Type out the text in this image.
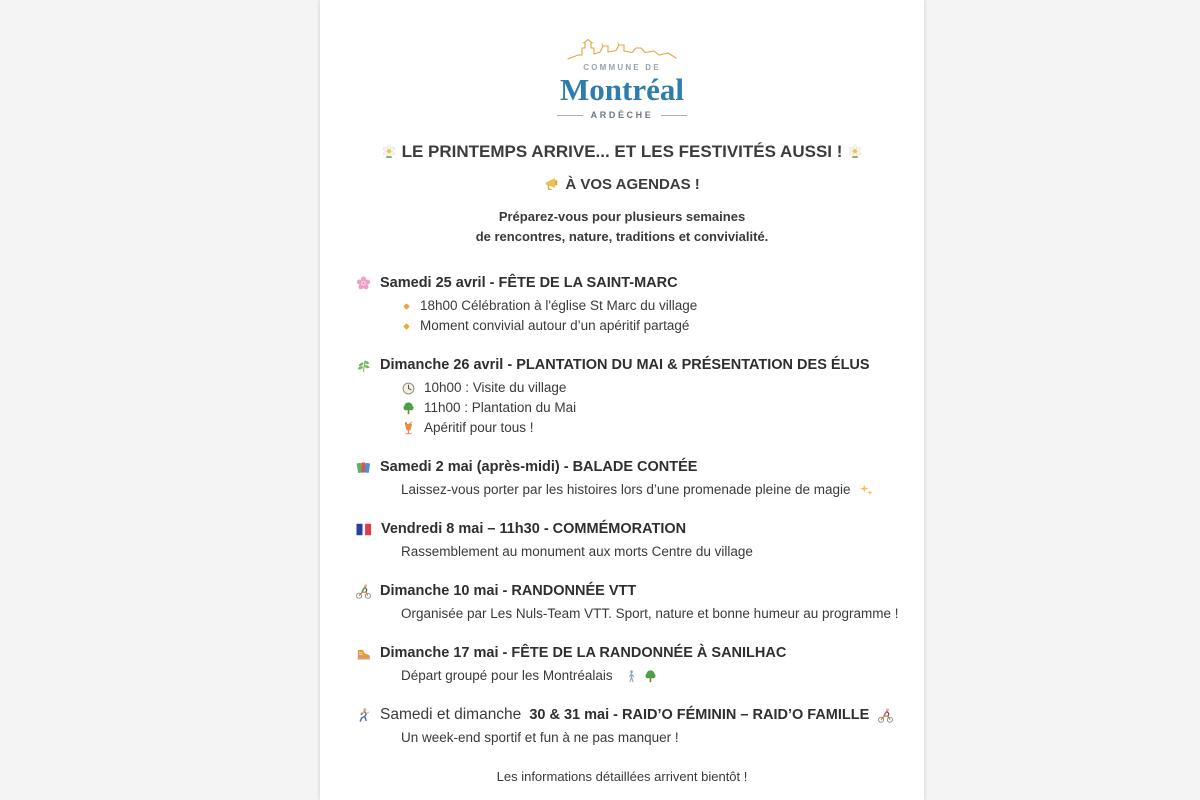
COMMUNE DE
Montréal
ARDÈCHE
LE PRINTEMPS ARRIVE... ET LES FESTIVITÉS AUSSI !
À VOS AGENDAS !
Préparez-vous pour plusieurs semaines
de rencontres, nature, traditions et convivialité.
Samedi 25 avril - FÊTE DE LA SAINT-MARC
18h00 Célébration à l'église St Marc du village
Moment convivial autour d’un apéritif partagé
Dimanche 26 avril - PLANTATION DU MAI & PRÉSENTATION DES ÉLUS
10h00 : Visite du village
11h00 : Plantation du Mai
Apéritif pour tous !
Samedi 2 mai (après-midi) - BALADE CONTÉE
Laissez-vous porter par les histoires lors d’une promenade pleine de magie
Vendredi 8 mai – 11h30 - COMMÉMORATION
Rassemblement au monument aux morts Centre du village
Dimanche 10 mai - RANDONNÉE VTT
Organisée par Les Nuls-Team VTT. Sport, nature et bonne humeur au programme !
Dimanche 17 mai - FÊTE DE LA RANDONNÉE À SANILHAC
Départ groupé pour les Montréalais
Samedi et dimanche 30 & 31 mai - RAID’O FÉMININ – RAID’O FAMILLE
Un week-end sportif et fun à ne pas manquer !
Les informations détaillées arrivent bientôt !
